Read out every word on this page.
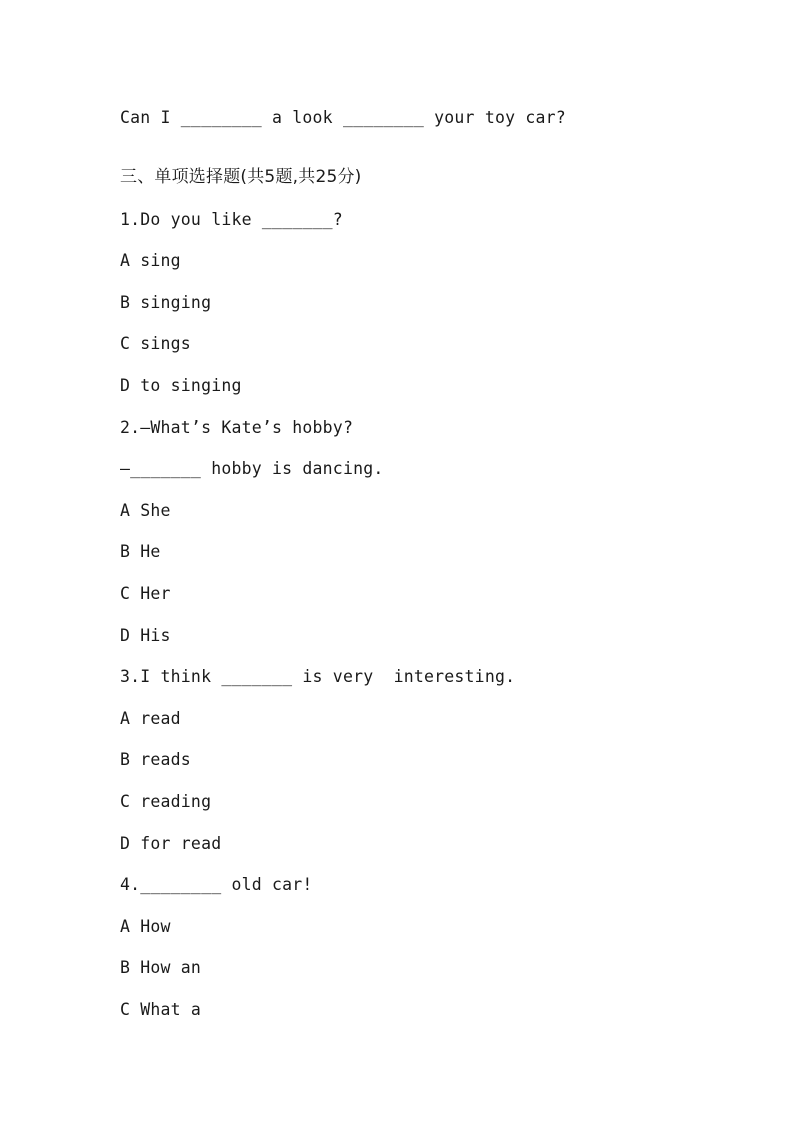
Can I ________ a look ________ your toy car?
三、单项选择题(共5题,共25分)
1.Do you like _______?
A sing
B singing
C sings
D to singing
2.—What’s Kate’s hobby?
—_______ hobby is dancing.
A She
B He
C Her
D His
3.I think _______ is very  interesting.
A read
B reads
C reading
D for read
4.________ old car!
A How
B How an
C What a
